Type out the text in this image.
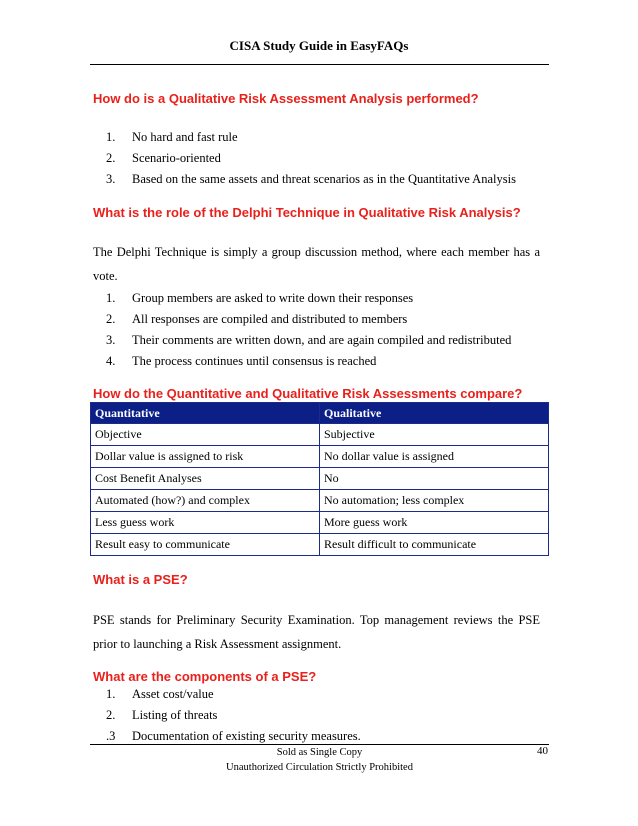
CISA Study Guide in EasyFAQs
How do is a Qualitative Risk Assessment Analysis performed?
1. No hard and fast rule
2. Scenario-oriented
3. Based on the same assets and threat scenarios as in the Quantitative Analysis
What is the role of the Delphi Technique in Qualitative Risk Analysis?
The Delphi Technique is simply a group discussion method, where each member has a vote.
1. Group members are asked to write down their responses
2. All responses are compiled and distributed to members
3. Their comments are written down, and are again compiled and redistributed
4. The process continues until consensus is reached
How do the Quantitative and Qualitative Risk Assessments compare?
Quantitative	Qualitative
Objective	Subjective
Dollar value is assigned to risk	No dollar value is assigned
Cost Benefit Analyses	No
Automated (how?) and complex	No automation; less complex
Less guess work	More guess work
Result easy to communicate	Result difficult to communicate
What is a PSE?
PSE stands for Preliminary Security Examination. Top management reviews the PSE prior to launching a Risk Assessment assignment.
What are the components of a PSE?
1. Asset cost/value
2. Listing of threats
.3 Documentation of existing security measures.
Sold as Single Copy
Unauthorized Circulation Strictly Prohibited
40
